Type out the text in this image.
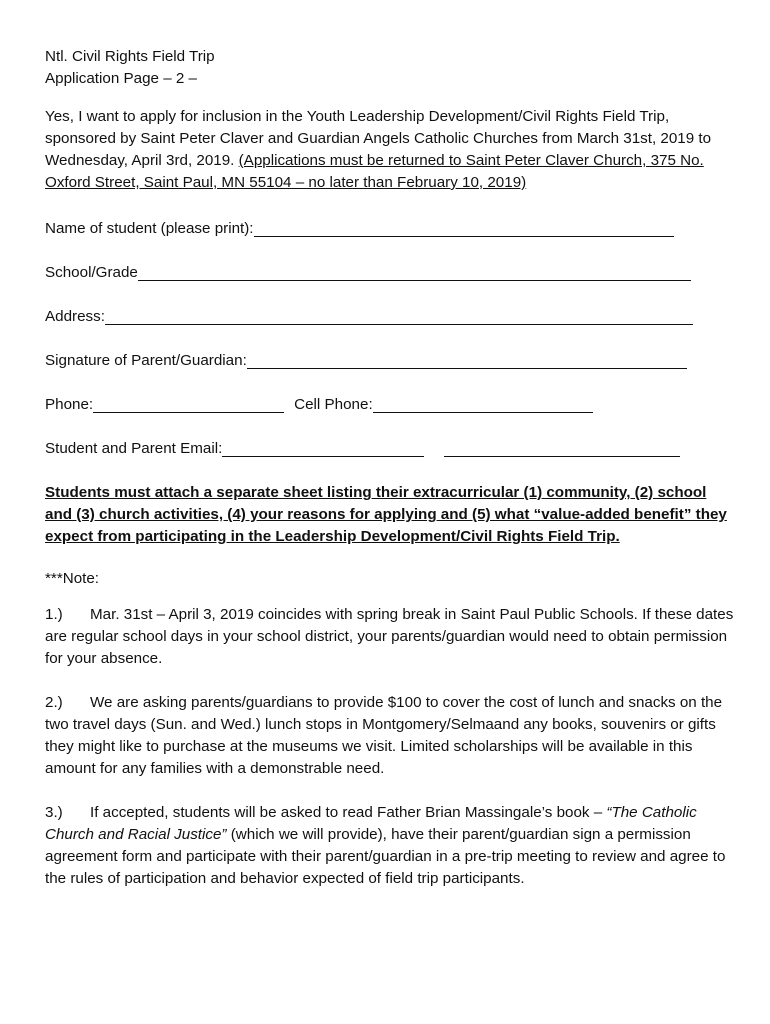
Ntl. Civil Rights Field Trip
Application Page – 2 –

Yes, I want to apply for inclusion in the Youth Leadership Development/Civil Rights Field Trip, sponsored by Saint Peter Claver and Guardian Angels Catholic Churches from March 31st, 2019 to Wednesday, April 3rd, 2019. (Applications must be returned to Saint Peter Claver Church, 375 No. Oxford Street, Saint Paul, MN 55104 – no later than February 10, 2019)

Name of student (please print):
School/Grade
Address:
Signature of Parent/Guardian:
Phone:	Cell Phone:
Student and Parent Email:
Students must attach a separate sheet listing their extracurricular (1) community, (2) school and (3) church activities, (4) your reasons for applying and (5) what “value-added benefit” they expect from participating in the Leadership Development/Civil Rights Field Trip.
***Note:
1.) Mar. 31st – April 3, 2019 coincides with spring break in Saint Paul Public Schools. If these dates are regular school days in your school district, your parents/guardian would need to obtain permission for your absence.
2.) We are asking parents/guardians to provide $100 to cover the cost of lunch and snacks on the two travel days (Sun. and Wed.) lunch stops in Montgomery/Selmaand any books, souvenirs or gifts they might like to purchase at the museums we visit. Limited scholarships will be available in this amount for any families with a demonstrable need.
3.) If accepted, students will be asked to read Father Brian Massingale’s book – “The Catholic Church and Racial Justice” (which we will provide), have their parent/guardian sign a permission agreement form and participate with their parent/guardian in a pre-trip meeting to review and agree to the rules of participation and behavior expected of field trip participants.
